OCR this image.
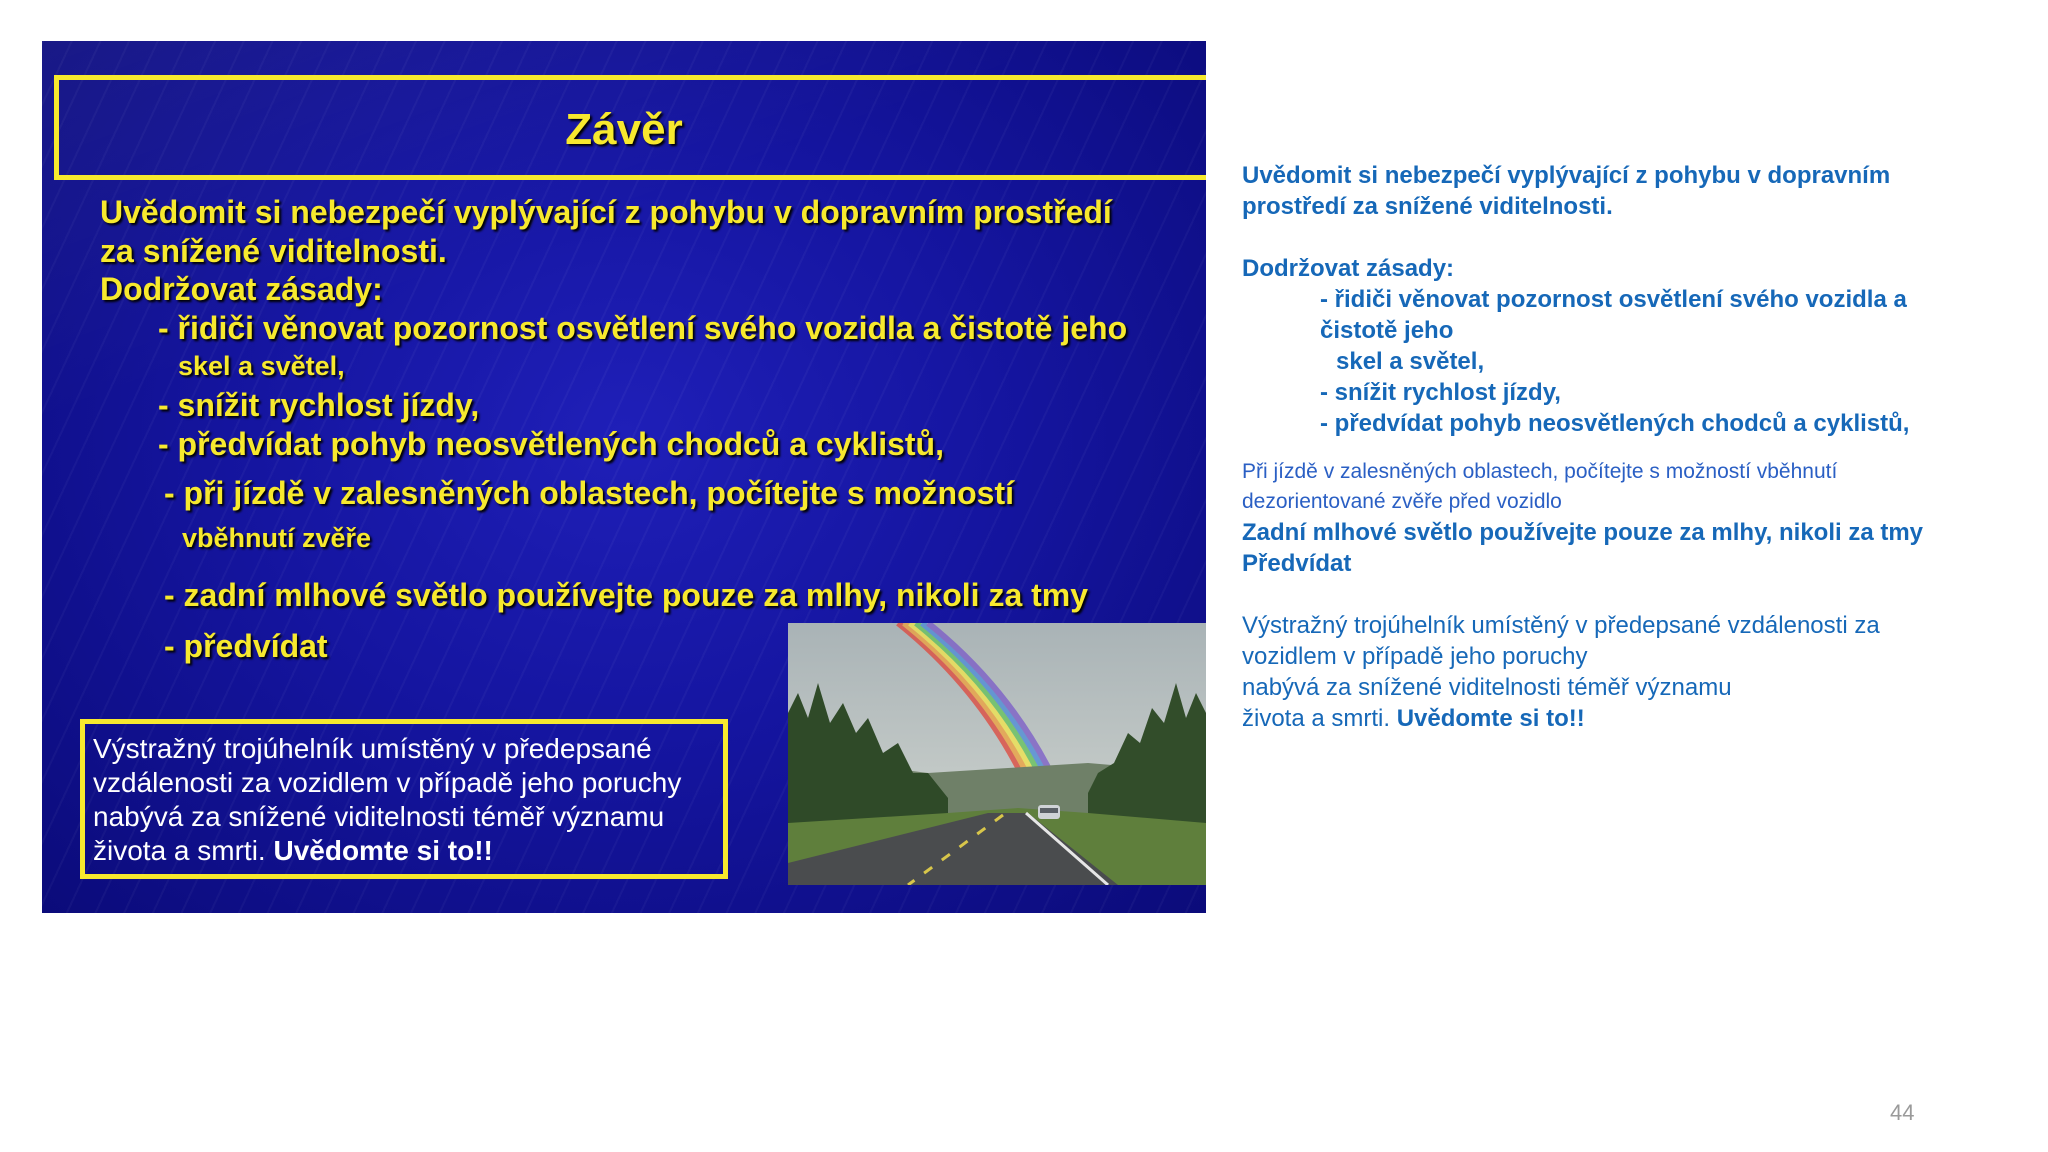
Závěr
Uvědomit si nebezpečí vyplývající z pohybu v dopravním prostředí
za snížené viditelnosti.
Dodržovat zásady:
- řidiči věnovat pozornost osvětlení svého vozidla a čistotě jeho
skel a světel,
- snížit rychlost jízdy,
- předvídat pohyb neosvětlených chodců a cyklistů,
- při jízdě v zalesněných oblastech, počítejte s možností
vběhnutí zvěře
- zadní mlhové světlo používejte pouze za mlhy, nikoli za tmy
- předvídat
Výstražný trojúhelník umístěný v předepsané
vzdálenosti za vozidlem v případě jeho poruchy
nabývá za snížené viditelnosti téměř významu
života a smrti. Uvědomte si to!!
Uvědomit si nebezpečí vyplývající z pohybu v dopravním
prostředí za snížené viditelnosti.
Dodržovat zásady:
- řidiči věnovat pozornost osvětlení svého vozidla a
čistotě jeho
skel a světel,
- snížit rychlost jízdy,
- předvídat pohyb neosvětlených chodců a cyklistů,
Při jízdě v zalesněných oblastech, počítejte s možností vběhnutí
dezorientované zvěře před vozidlo
Zadní mlhové světlo používejte pouze za mlhy, nikoli za tmy
Předvídat
Výstražný trojúhelník umístěný v předepsané vzdálenosti za
vozidlem v případě jeho poruchy
nabývá za snížené viditelnosti téměř významu
života a smrti. Uvědomte si to!!
44
